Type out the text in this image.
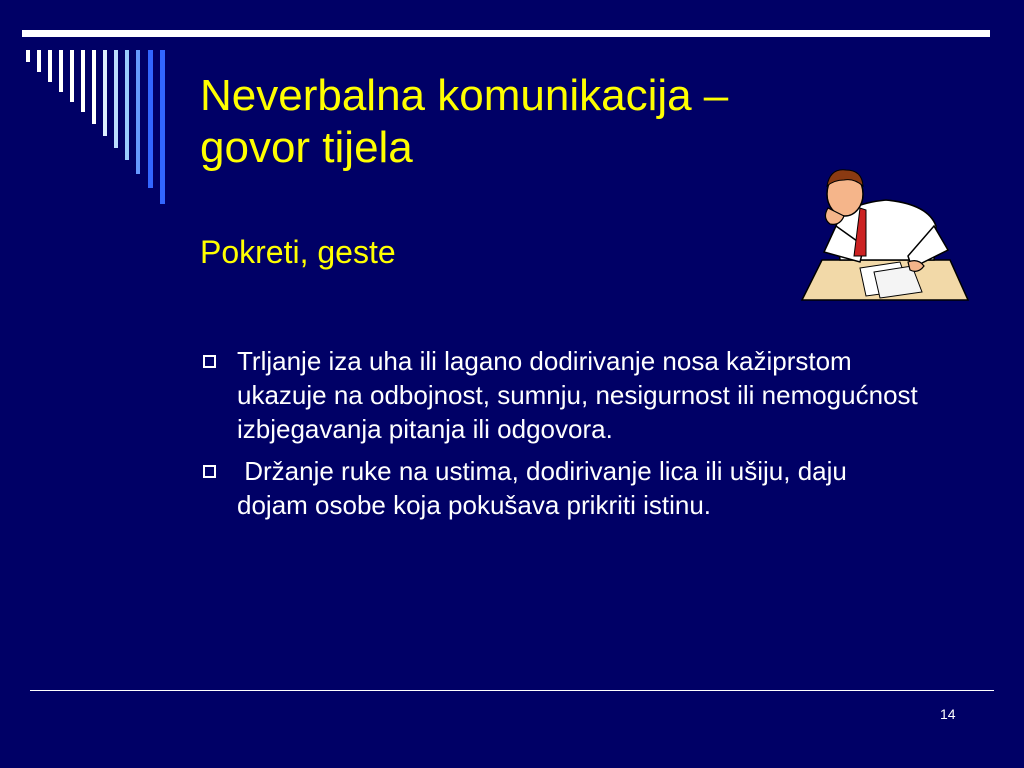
Neverbalna komunikacija – govor tijela
Pokreti, geste
Trljanje iza uha ili lagano dodirivanje nosa kažiprstom ukazuje na odbojnost, sumnju, nesigurnost ili nemogućnost izbjegavanja pitanja ili odgovora.
Držanje ruke na ustima, dodirivanje lica ili ušiju, daju dojam osobe koja pokušava prikriti istinu.
14
